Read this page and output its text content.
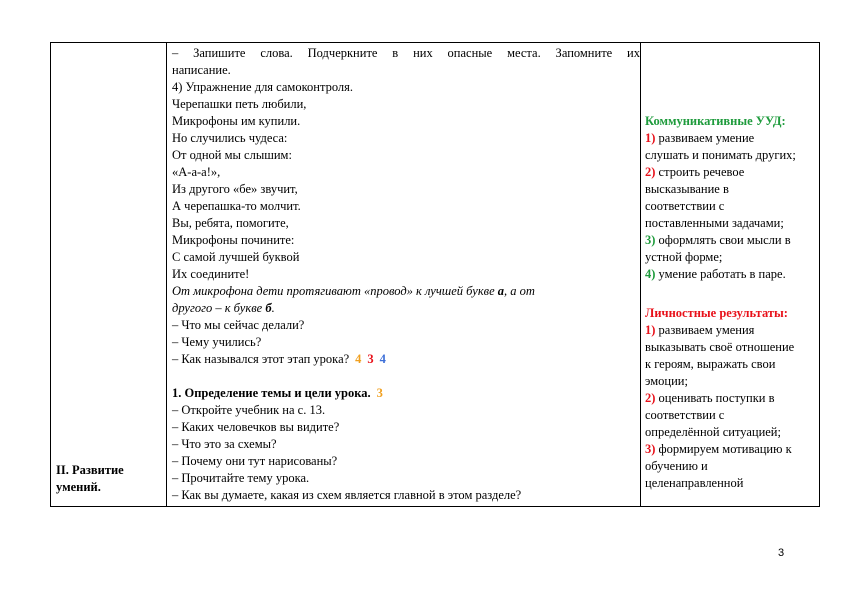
II. Развитие
умений.
– Запишите слова. Подчеркните в них опасные места. Запомните их
написание.
4) Упражнение для самоконтроля.
Черепашки петь любили,
Микрофоны им купили.
Но случились чудеса:
От одной мы слышим:
«А-а-а!»,
Из другого «бе» звучит,
А черепашка-то молчит.
Вы, ребята, помогите,
Микрофоны почините:
С самой лучшей буквой
Их соедините!
От микрофона дети протягивают «провод» к лучшей букве а, а от
другого – к букве б.
– Что мы сейчас делали?
– Чему учились?
– Как назывался этот этап урока? 4 3 4
1. Определение темы и цели урока. 3
– Откройте учебник на с. 13.
– Каких человечков вы видите?
– Что это за схемы?
– Почему они тут нарисованы?
– Прочитайте тему урока.
– Как вы думаете, какая из схем является главной в этом разделе?
Коммуникативные УУД:
1) развиваем умение
слушать и понимать других;
2) строить речевое
высказывание в
соответствии с
поставленными задачами;
3) оформлять свои мысли в
устной форме;
4) умение работать в паре.
Личностные результаты:
1) развиваем умения
выказывать своё отношение
к героям, выражать свои
эмоции;
2) оценивать поступки в
соответствии с
определённой ситуацией;
3) формируем мотивацию к
обучению и
целенаправленной
3
